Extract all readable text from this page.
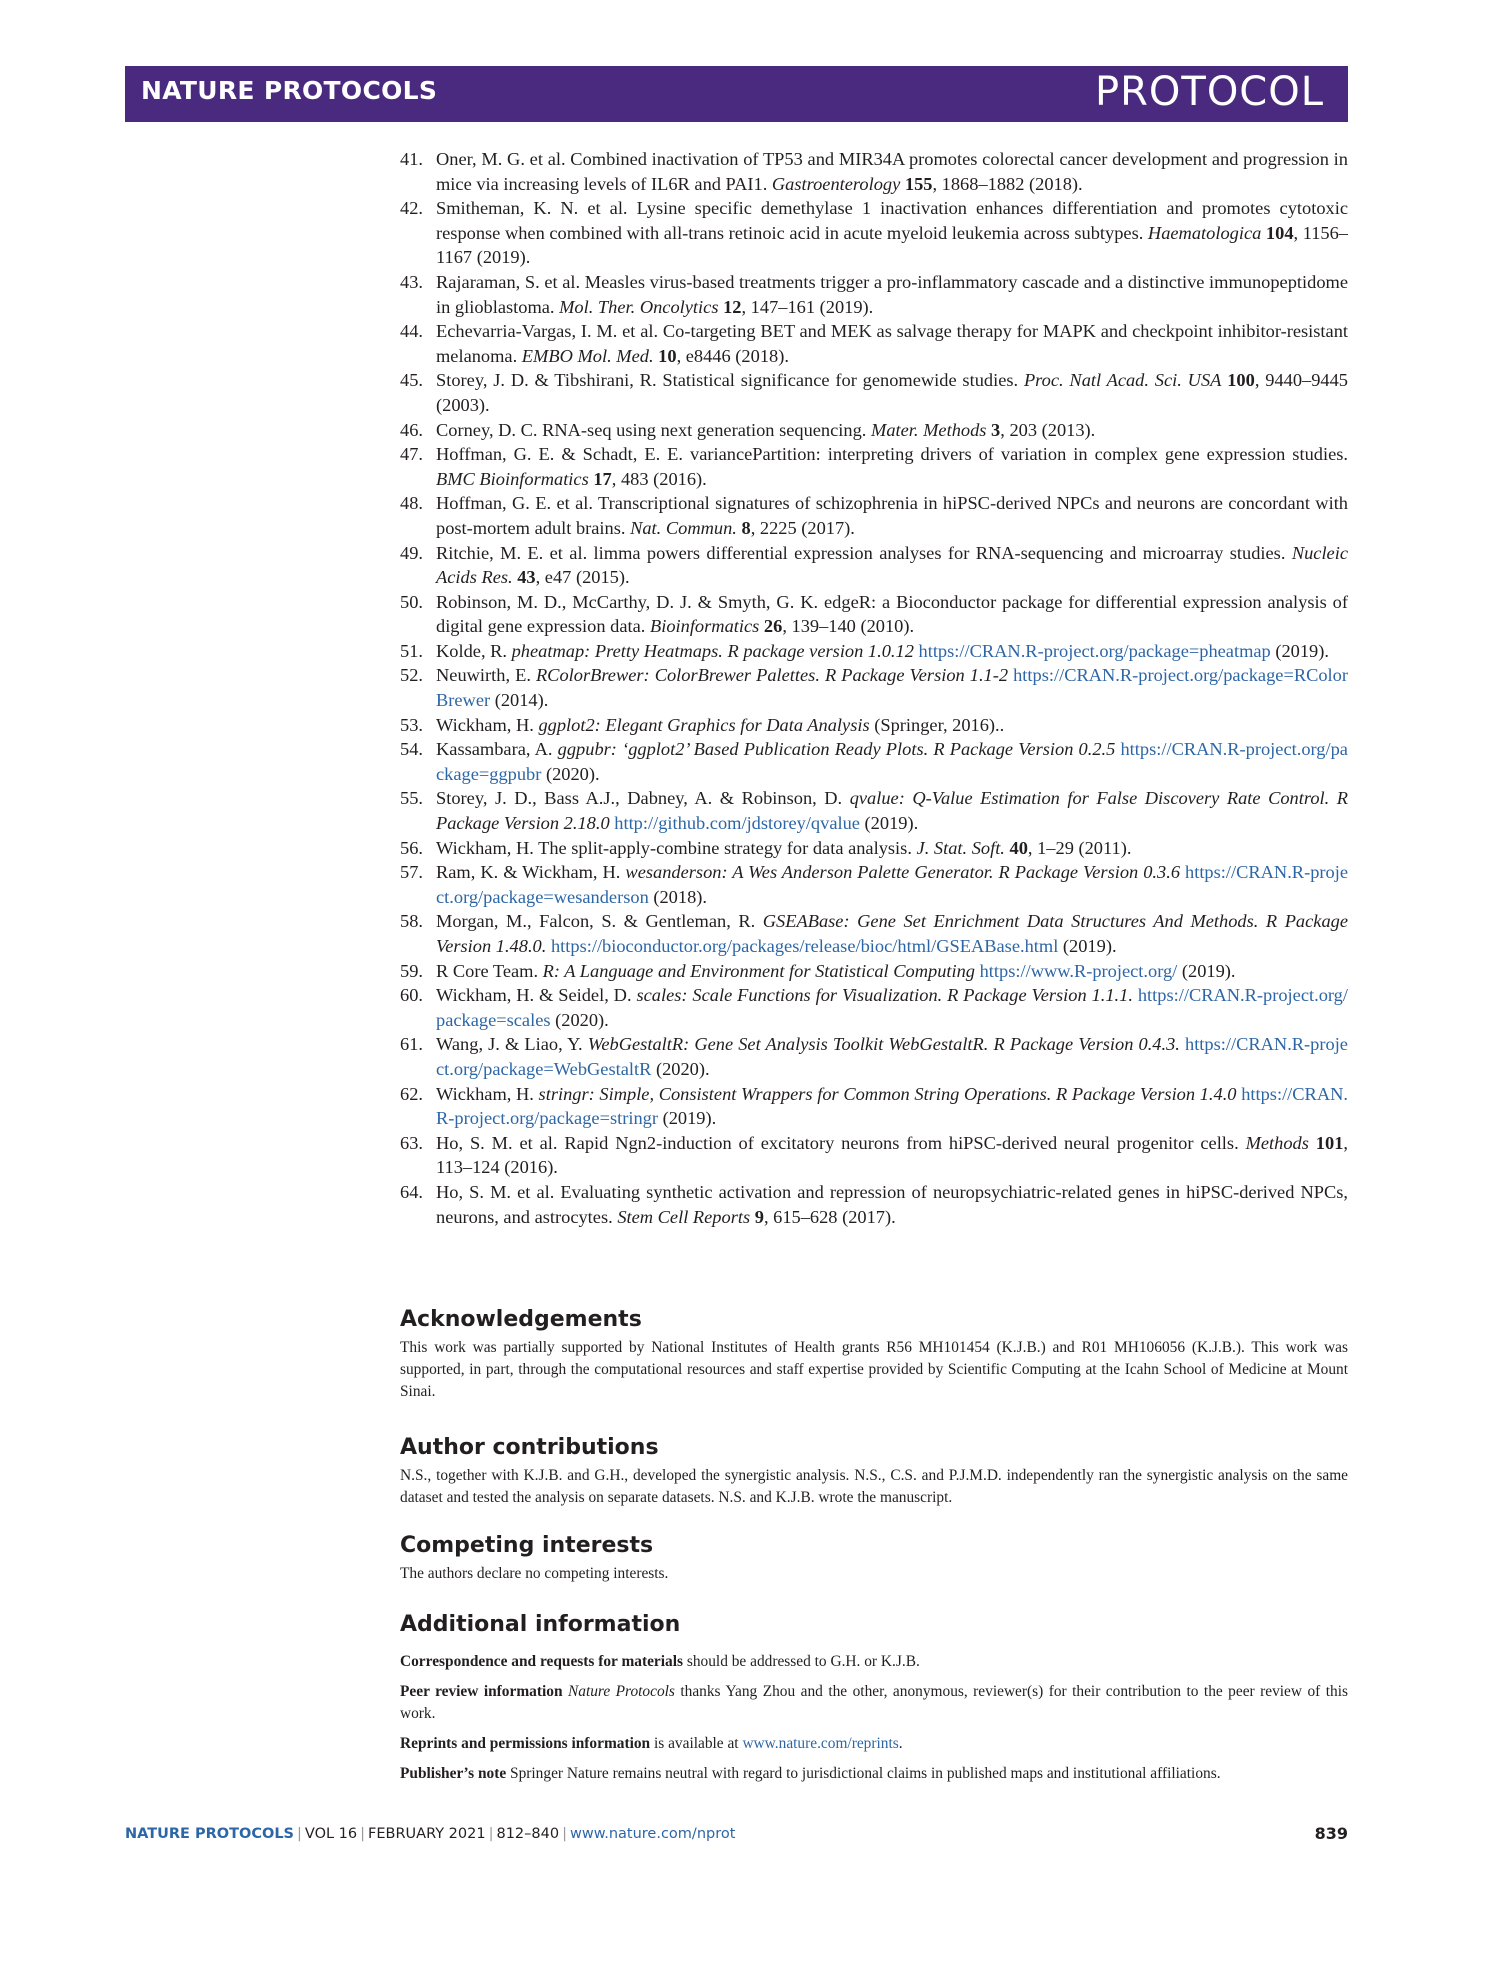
NATURE PROTOCOLS	PROTOCOL
41. Oner, M. G. et al. Combined inactivation of TP53 and MIR34A promotes colorectal cancer development and progression in mice via increasing levels of IL6R and PAI1. Gastroenterology 155, 1868–1882 (2018).
42. Smitheman, K. N. et al. Lysine specific demethylase 1 inactivation enhances differentiation and promotes cytotoxic response when combined with all-trans retinoic acid in acute myeloid leukemia across subtypes. Haematologica 104, 1156–1167 (2019).
43. Rajaraman, S. et al. Measles virus-based treatments trigger a pro-inflammatory cascade and a distinctive immunopeptidome in glioblastoma. Mol. Ther. Oncolytics 12, 147–161 (2019).
44. Echevarria-Vargas, I. M. et al. Co-targeting BET and MEK as salvage therapy for MAPK and checkpoint inhibitor-resistant melanoma. EMBO Mol. Med. 10, e8446 (2018).
45. Storey, J. D. & Tibshirani, R. Statistical significance for genomewide studies. Proc. Natl Acad. Sci. USA 100, 9440–9445 (2003).
46. Corney, D. C. RNA-seq using next generation sequencing. Mater. Methods 3, 203 (2013).
47. Hoffman, G. E. & Schadt, E. E. variancePartition: interpreting drivers of variation in complex gene expression studies. BMC Bioinformatics 17, 483 (2016).
48. Hoffman, G. E. et al. Transcriptional signatures of schizophrenia in hiPSC-derived NPCs and neurons are concordant with post-mortem adult brains. Nat. Commun. 8, 2225 (2017).
49. Ritchie, M. E. et al. limma powers differential expression analyses for RNA-sequencing and microarray studies. Nucleic Acids Res. 43, e47 (2015).
50. Robinson, M. D., McCarthy, D. J. & Smyth, G. K. edgeR: a Bioconductor package for differential expression analysis of digital gene expression data. Bioinformatics 26, 139–140 (2010).
51. Kolde, R. pheatmap: Pretty Heatmaps. R package version 1.0.12 https://CRAN.R-project.org/package=pheatmap (2019).
52. Neuwirth, E. RColorBrewer: ColorBrewer Palettes. R Package Version 1.1-2 https://CRAN.R-project.org/package=RColorBrewer (2014).
53. Wickham, H. ggplot2: Elegant Graphics for Data Analysis (Springer, 2016)..
54. Kassambara, A. ggpubr: ‘ggplot2’ Based Publication Ready Plots. R Package Version 0.2.5 https://CRAN.R-project.org/package=ggpubr (2020).
55. Storey, J. D., Bass A.J., Dabney, A. & Robinson, D. qvalue: Q-Value Estimation for False Discovery Rate Control. R Package Version 2.18.0 http://github.com/jdstorey/qvalue (2019).
56. Wickham, H. The split-apply-combine strategy for data analysis. J. Stat. Soft. 40, 1–29 (2011).
57. Ram, K. & Wickham, H. wesanderson: A Wes Anderson Palette Generator. R Package Version 0.3.6 https://CRAN.R-project.org/package=wesanderson (2018).
58. Morgan, M., Falcon, S. & Gentleman, R. GSEABase: Gene Set Enrichment Data Structures And Methods. R Package Version 1.48.0. https://bioconductor.org/packages/release/bioc/html/GSEABase.html (2019).
59. R Core Team. R: A Language and Environment for Statistical Computing https://www.R-project.org/ (2019).
60. Wickham, H. & Seidel, D. scales: Scale Functions for Visualization. R Package Version 1.1.1. https://CRAN.R-project.org/package=scales (2020).
61. Wang, J. & Liao, Y. WebGestaltR: Gene Set Analysis Toolkit WebGestaltR. R Package Version 0.4.3. https://CRAN.R-project.org/package=WebGestaltR (2020).
62. Wickham, H. stringr: Simple, Consistent Wrappers for Common String Operations. R Package Version 1.4.0 https://CRAN.R-project.org/package=stringr (2019).
63. Ho, S. M. et al. Rapid Ngn2-induction of excitatory neurons from hiPSC-derived neural progenitor cells. Methods 101, 113–124 (2016).
64. Ho, S. M. et al. Evaluating synthetic activation and repression of neuropsychiatric-related genes in hiPSC-derived NPCs, neurons, and astrocytes. Stem Cell Reports 9, 615–628 (2017).
Acknowledgements

This work was partially supported by National Institutes of Health grants R56 MH101454 (K.J.B.) and R01 MH106056 (K.J.B.). This work was supported, in part, through the computational resources and staff expertise provided by Scientific Computing at the Icahn School of Medicine at Mount Sinai.

Author contributions

N.S., together with K.J.B. and G.H., developed the synergistic analysis. N.S., C.S. and P.J.M.D. independently ran the synergistic analysis on the same dataset and tested the analysis on separate datasets. N.S. and K.J.B. wrote the manuscript.

Competing interests

The authors declare no competing interests.

Additional information

Correspondence and requests for materials should be addressed to G.H. or K.J.B.

Peer review information Nature Protocols thanks Yang Zhou and the other, anonymous, reviewer(s) for their contribution to the peer review of this work.

Reprints and permissions information is available at www.nature.com/reprints.

Publisher’s note Springer Nature remains neutral with regard to jurisdictional claims in published maps and institutional affiliations.

NATURE PROTOCOLS | VOL 16 | FEBRUARY 2021 | 812–840 | www.nature.com/nprot	839
